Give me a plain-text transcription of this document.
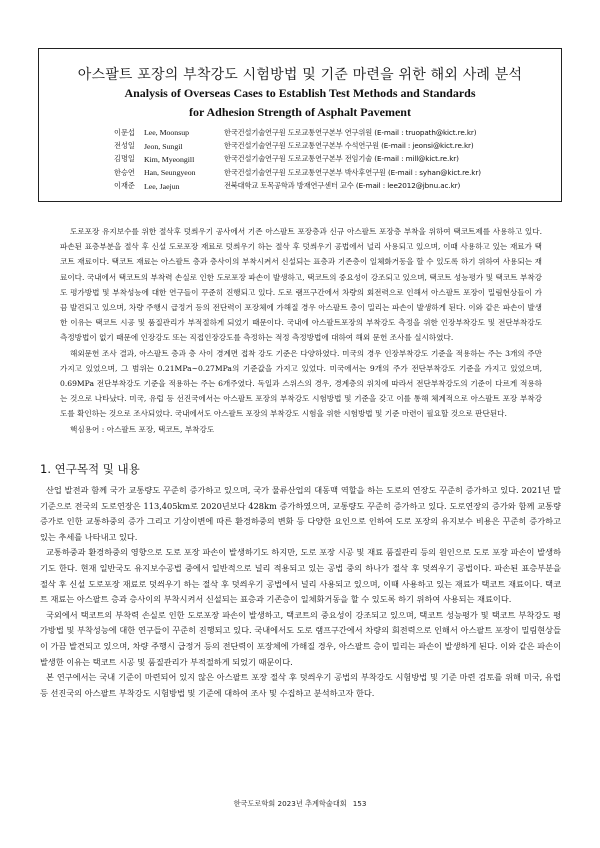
아스팔트 포장의 부착강도 시험방법 및 기준 마련을 위한 해외 사례 분석
Analysis of Overseas Cases to Establish Test Methods and Standards
for Adhesion Strength of Asphalt Pavement
이문섭	Lee, Moonsup	한국건설기술연구원 도로교통연구본부 연구위원 (E-mail : truopath@kict.re.kr)
전성일	Jeon, Sungil	한국건설기술연구원 도로교통연구본부 수석연구원 (E-mail : jeonsi@kict.re.kr)
김명일	Kim, Myeongill	한국건설기술연구원 도로교통연구본부 전임기술 (E-mail : mill@kict.re.kr)
한승연	Han, Seungyeon	한국건설기술연구원 도로교통연구본부 박사후연구원 (E-mail : syhan@kict.re.kr)
이재준	Lee, Jaejun	전북대학교 토목공학과 방재연구센터 교수 (E-mail : lee2012@jbnu.ac.kr)

도로포장 유지보수를 위한 절삭후 덧씌우기 공사에서 기존 아스팔트 포장층과 신규 아스팔트 포장층 부착을 위하여 택코트제를 사용하고 있다. 파손된 표층부분을 절삭 후 신설 도로포장 재료로 덧씌우기 하는 절삭 후 덧씌우기 공법에서 널리 사용되고 있으며, 이때 사용하고 있는 재료가 택코트 재료이다. 택코트 재료는 아스팔트 층과 층사이의 부착시켜서 신설되는 표층과 기존층이 일체화거동을 할 수 있도록 하기 위하여 사용되는 재료이다. 국내에서 택코트의 부착력 손실로 인한 도로포장 파손이 발생하고, 택코트의 중요성이 강조되고 있으며, 택코트 성능평가 및 택코트 부착강도 평가방법 및 부착성능에 대한 연구들이 꾸준히 진행되고 있다. 도로 램프구간에서 차량의 회전력으로 인해서 아스팔트 포장이 밀림현상들이 가끔 발견되고 있으며, 차량 주행시 급정거 등의 전단력이 포장체에 가해질 경우 아스팔트 층이 밀리는 파손이 발생하게 된다. 이와 같은 파손이 발생한 이유는 택코트 시공 및 품질관리가 부적절하게 되었기 때문이다. 국내에 아스팔트포장의 부착강도 측정을 위한 인장부착강도 및 전단부착강도 측정방법이 없기 때문에 인장강도 또는 직접인장강도를 측정하는 적정 측정방법에 대하여 해외 문헌 조사를 실시하였다.

해외문헌 조사 결과, 아스팔트 층과 층 사이 경계면 접착 강도 기준은 다양하였다. 미국의 경우 인장부착강도 기준을 적용하는 주는 3개의 주만 가지고 있었으며, 그 범위는 0.21MPa~0.27MPa의 기준값을 가지고 있었다. 미국에서는 9개의 주가 전단부착강도 기준을 가지고 있었으며, 0.69MPa 전단부착강도 기준을 적용하는 주는 6개주였다. 독일과 스위스의 경우, 경계층의 위치에 따라서 전단부착강도의 기준이 다르게 적용하는 것으로 나타났다. 미국, 유럽 등 선진국에서는 아스팔트 포장의 부착강도 시험방법 및 기준을 갖고 이를 통해 체계적으로 아스팔트 포장 부착강도를 확인하는 것으로 조사되었다. 국내에서도 아스팔트 포장의 부착강도 시험을 위한 시험방법 및 기준 마련이 필요할 것으로 판단된다.

핵심용어 : 아스팔트 포장, 택코트, 부착강도

1. 연구목적 및 내용

산업 발전과 함께 국가 교통량도 꾸준히 증가하고 있으며, 국가 물류산업의 대동맥 역할을 하는 도로의 연장도 꾸준히 증가하고 있다. 2021년 말 기준으로 전국의 도로연장은 113,405km로 2020년보다 428km 증가하였으며, 교통량도 꾸준히 증가하고 있다. 도로연장의 증가와 함께 교통량 증가로 인한 교통하중의 증가 그리고 기상이변에 따른 환경하중의 변화 등 다양한 요인으로 인하여 도로 포장의 유지보수 비용은 꾸준히 증가하고 있는 추세를 나타내고 있다.

교통하중과 환경하중의 영향으로 도로 포장 파손이 발생하기도 하지만, 도로 포장 시공 및 재료 품질관리 등의 원인으로 도로 포장 파손이 발생하기도 한다. 현재 일반국도 유지보수공법 중에서 일반적으로 널리 적용되고 있는 공법 중의 하나가 절삭 후 덧씌우기 공법이다. 파손된 표층부분을 절삭 후 신설 도로포장 재료로 덧씌우기 하는 절삭 후 덧씌우기 공법에서 널리 사용되고 있으며, 이때 사용하고 있는 재료가 택코트 재료이다. 택코트 재료는 아스팔트 층과 층사이의 부착시켜서 신설되는 표층과 기존층이 일체화거동을 할 수 있도록 하기 위하여 사용되는 재료이다.

국외에서 택코트의 부착력 손실로 인한 도로포장 파손이 발생하고, 택코트의 중요성이 강조되고 있으며, 택코트 성능평가 및 택코트 부착강도 평가방법 및 부착성능에 대한 연구들이 꾸준히 진행되고 있다. 국내에서도 도로 램프구간에서 차량의 회전력으로 인해서 아스팔트 포장이 밀림현상들이 가끔 발견되고 있으며, 차량 주행시 급정거 등의 전단력이 포장체에 가해질 경우, 아스팔트 층이 밀리는 파손이 발생하게 된다. 이와 같은 파손이 발생한 이유는 택코트 시공 및 품질관리가 부적절하게 되었기 때문이다.

본 연구에서는 국내 기준이 마련되어 있지 않은 아스팔트 포장 절삭 후 덧씌우기 공법의 부착강도 시험방법 및 기준 마련 검토를 위해 미국, 유럽 등 선진국의 아스팔트 부착강도 시험방법 및 기준에 대하여 조사 및 수집하고 분석하고자 한다.

한국도로학회 2023년 추계학술대회 153
